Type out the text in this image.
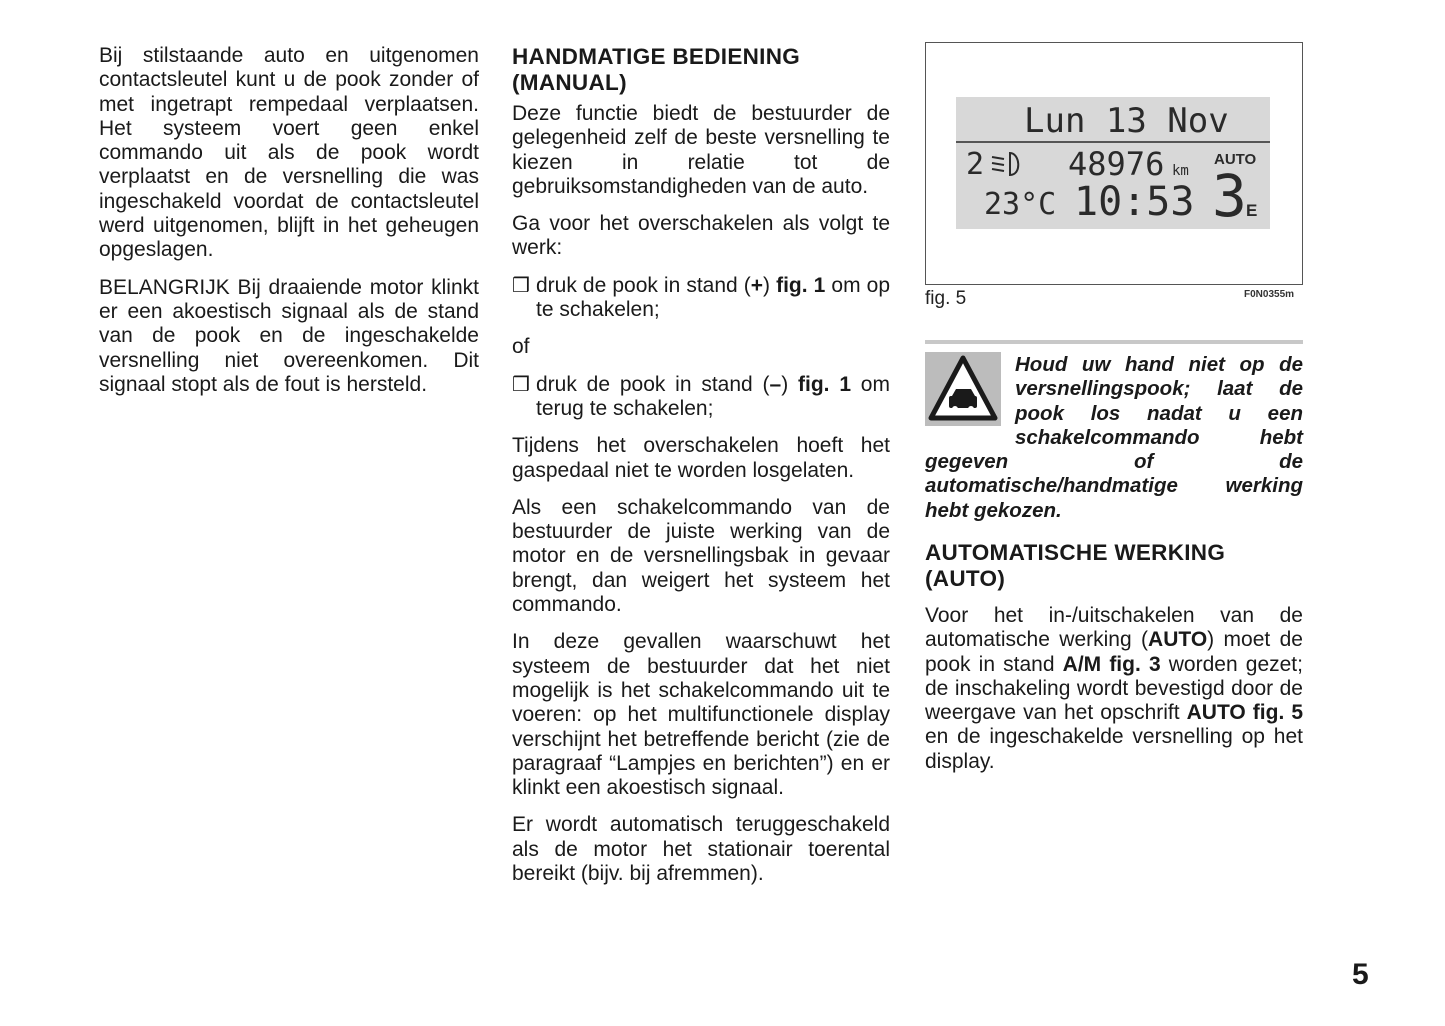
Bij stilstaande auto en uitgenomen contactsleutel kunt u de pook zonder of met ingetrapt rempedaal verplaatsen. Het systeem voert geen enkel commando uit als de pook wordt verplaatst en de versnelling die was ingeschakeld voordat de contactsleutel werd uitgenomen, blijft in het geheugen opgeslagen.

BELANGRIJK Bij draaiende motor klinkt er een akoestisch signaal als de stand van de pook en de ingeschakelde versnelling niet overeenkomen. Dit signaal stopt als de fout is hersteld.

HANDMATIGE BEDIENING (MANUAL)

Deze functie biedt de bestuurder de gelegenheid zelf de beste versnelling te kiezen in relatie tot de gebruiksomstandigheden van de auto.

Ga voor het overschakelen als volgt te werk:

❒ druk de pook in stand (+) fig. 1 om op te schakelen;

of

❒ druk de pook in stand (–) fig. 1 om terug te schakelen;

Tijdens het overschakelen hoeft het gaspedaal niet te worden losgelaten.

Als een schakelcommando van de bestuurder de juiste werking van de motor en de versnellingsbak in gevaar brengt, dan weigert het systeem het commando.

In deze gevallen waarschuwt het systeem de bestuurder dat het niet mogelijk is het schakelcommando uit te voeren: op het multifunctionele display verschijnt het betreffende bericht (zie de paragraaf “Lampjes en berichten”) en er klinkt een akoestisch signaal.

Er wordt automatisch teruggeschakeld als de motor het stationair toerental bereikt (bijv. bij afremmen).

Lun 13 Nov
2	48976 km
AUTO
23°C 10:53 3 E
fig. 5	F0N0355m
Houd uw hand niet op de versnellingspook; laat de pook los nadat u een schakelcommando hebt gegeven of de automatische/handmatige werking hebt gekozen.
AUTOMATISCHE WERKING (AUTO)

Voor het in-/uitschakelen van de automatische werking (AUTO) moet de pook in stand A/M fig. 3 worden gezet; de inschakeling wordt bevestigd door de weergave van het opschrift AUTO fig. 5 en de ingeschakelde versnelling op het display.

5
